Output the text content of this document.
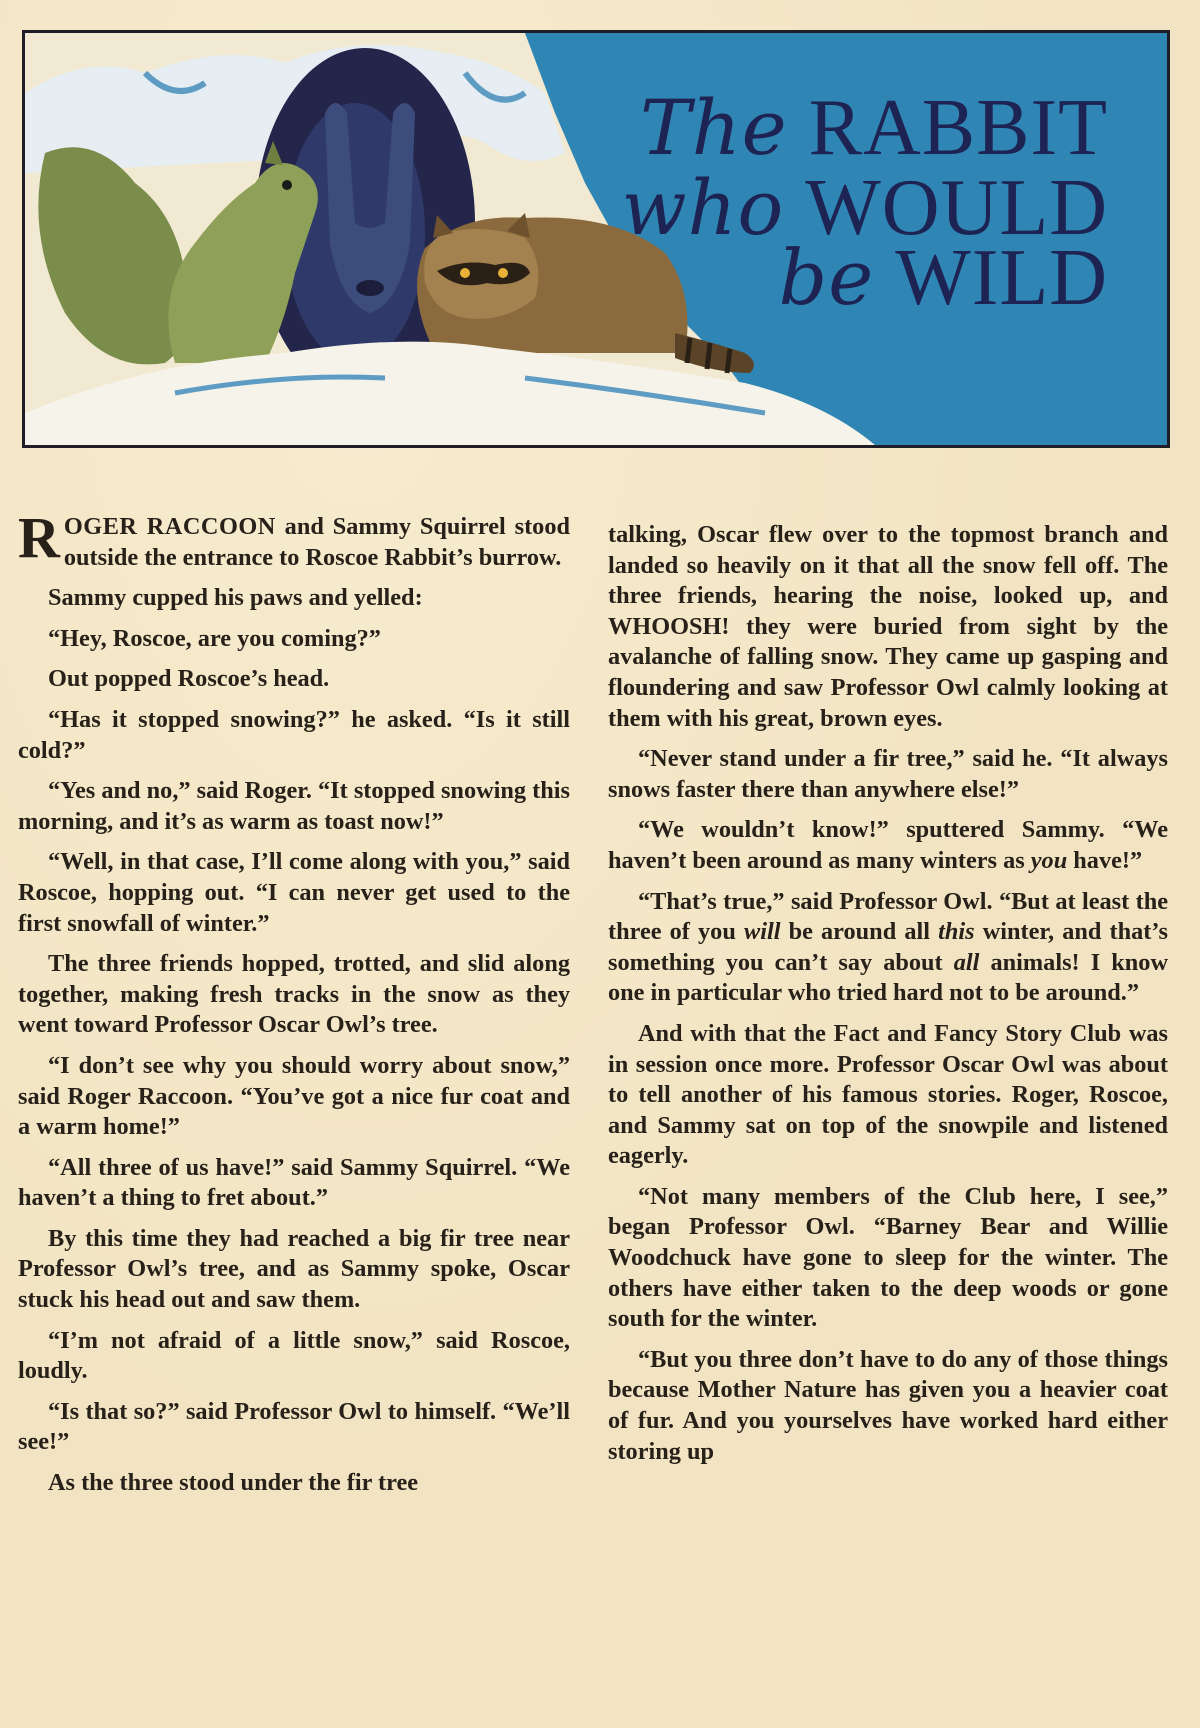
The RABBIT
who WOULD
be WILD

ROGER RACCOON and Sammy Squirrel stood outside the entrance to Roscoe Rabbit’s burrow.

Sammy cupped his paws and yelled:

“Hey, Roscoe, are you coming?”

Out popped Roscoe’s head.

“Has it stopped snowing?” he asked. “Is it still cold?”

“Yes and no,” said Roger. “It stopped snowing this morning, and it’s as warm as toast now!”

“Well, in that case, I’ll come along with you,” said Roscoe, hopping out. “I can never get used to the first snowfall of winter.”

The three friends hopped, trotted, and slid along together, making fresh tracks in the snow as they went toward Professor Oscar Owl’s tree.

“I don’t see why you should worry about snow,” said Roger Raccoon. “You’ve got a nice fur coat and a warm home!”

“All three of us have!” said Sammy Squirrel. “We haven’t a thing to fret about.”

By this time they had reached a big fir tree near Professor Owl’s tree, and as Sammy spoke, Oscar stuck his head out and saw them.

“I’m not afraid of a little snow,” said Roscoe, loudly.

“Is that so?” said Professor Owl to himself. “We’ll see!”

As the three stood under the fir tree

talking, Oscar flew over to the topmost branch and landed so heavily on it that all the snow fell off. The three friends, hearing the noise, looked up, and WHOOSH! they were buried from sight by the avalanche of falling snow. They came up gasping and floundering and saw Professor Owl calmly looking at them with his great, brown eyes.

“Never stand under a fir tree,” said he. “It always snows faster there than anywhere else!”

“We wouldn’t know!” sputtered Sammy. “We haven’t been around as many winters as you have!”

“That’s true,” said Professor Owl. “But at least the three of you will be around all this winter, and that’s something you can’t say about all animals! I know one in particular who tried hard not to be around.”

And with that the Fact and Fancy Story Club was in session once more. Professor Oscar Owl was about to tell another of his famous stories. Roger, Roscoe, and Sammy sat on top of the snowpile and listened eagerly.

“Not many members of the Club here, I see,” began Professor Owl. “Barney Bear and Willie Woodchuck have gone to sleep for the winter. The others have either taken to the deep woods or gone south for the winter.

“But you three don’t have to do any of those things because Mother Nature has given you a heavier coat of fur. And you yourselves have worked hard either storing up
